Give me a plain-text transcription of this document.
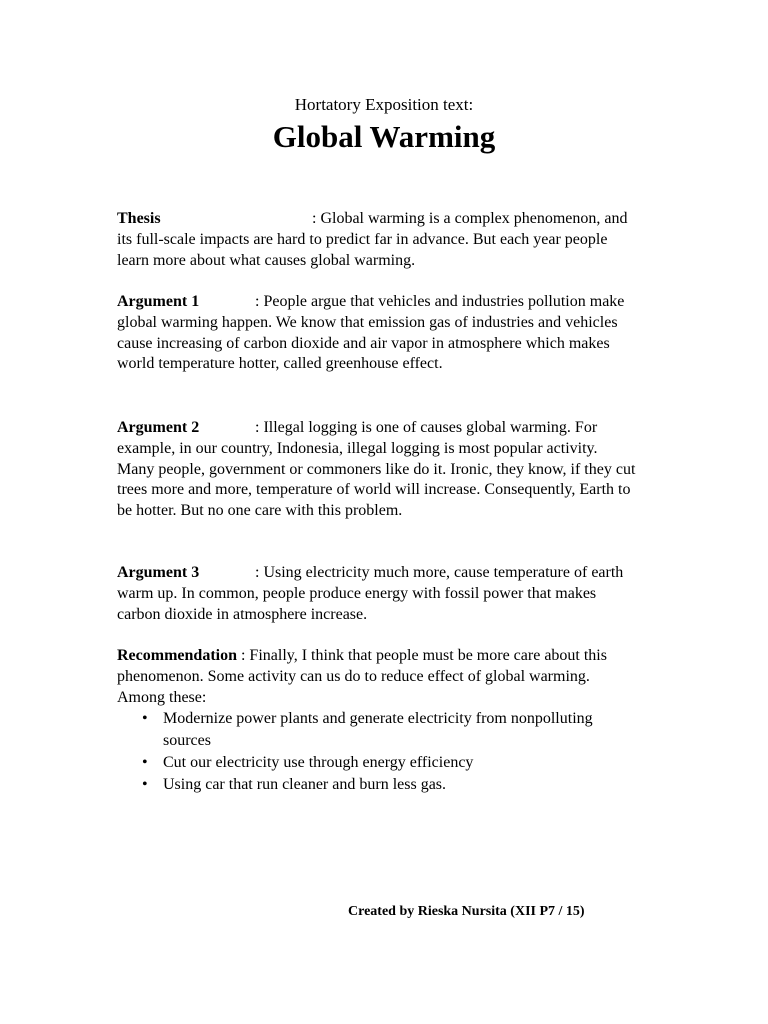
Hortatory Exposition text:
Global Warming
Thesis	: Global warming is a complex phenomenon, and its full-scale impacts are hard to predict far in advance. But each year people learn more about what causes global warming.
Argument 1	: People argue that vehicles and industries pollution make global warming happen. We know that emission gas of industries and vehicles cause increasing of carbon dioxide and air vapor in atmosphere which makes world temperature hotter, called greenhouse effect.
Argument 2	: Illegal logging is one of causes global warming. For example, in our country, Indonesia, illegal logging is most popular activity. Many people, government or commoners like do it. Ironic, they know, if they cut trees more and more, temperature of world will increase. Consequently, Earth to be hotter. But no one care with this problem.
Argument 3	: Using electricity much more, cause temperature of earth warm up. In common, people produce energy with fossil power that makes carbon dioxide in atmosphere increase.
Recommendation : Finally, I think that people must be more care about this phenomenon. Some activity can us do to reduce effect of global warming. Among these:
• Modernize power plants and generate electricity from nonpolluting sources
• Cut our electricity use through energy efficiency
• Using car that run cleaner and burn less gas.
Created by Rieska Nursita (XII P7 / 15)
